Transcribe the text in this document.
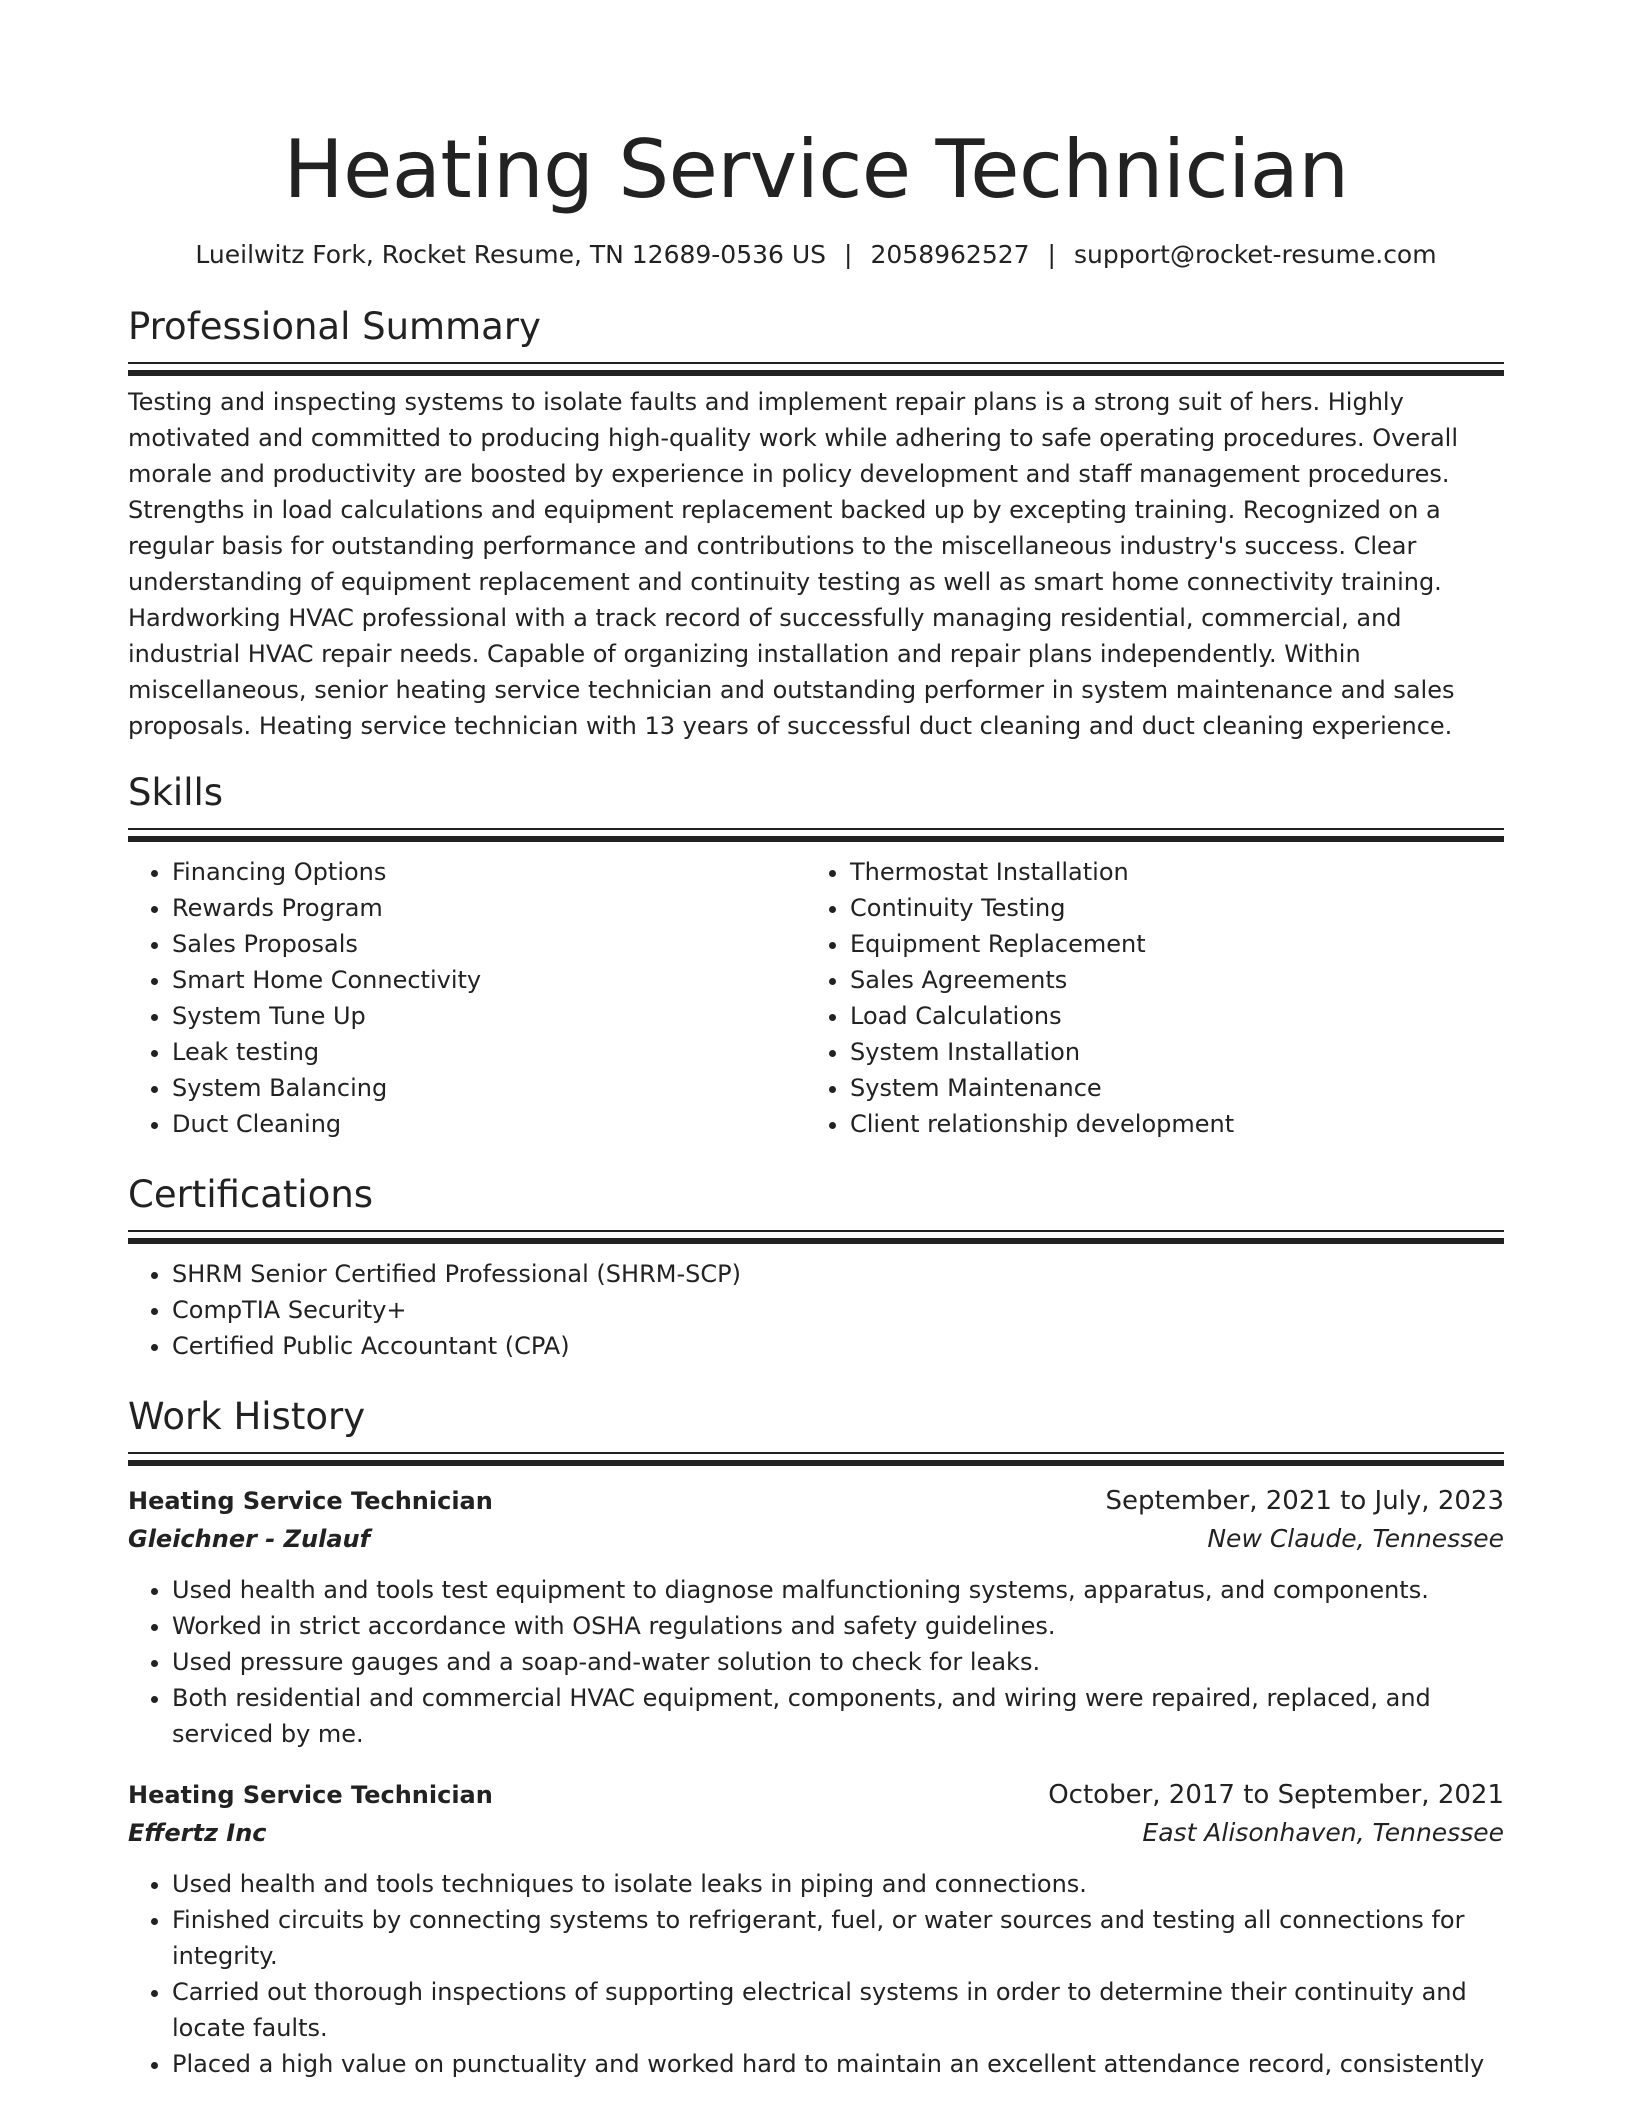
Heating Service Technician
Lueilwitz Fork, Rocket Resume, TN 12689-0536 US | 2058962527 | support@rocket-resume.com
Professional Summary

Testing and inspecting systems to isolate faults and implement repair plans is a strong suit of hers. Highly motivated and committed to producing high-quality work while adhering to safe operating procedures. Overall morale and productivity are boosted by experience in policy development and staff management procedures. Strengths in load calculations and equipment replacement backed up by excepting training. Recognized on a regular basis for outstanding performance and contributions to the miscellaneous industry's success. Clear understanding of equipment replacement and continuity testing as well as smart home connectivity training. Hardworking HVAC professional with a track record of successfully managing residential, commercial, and industrial HVAC repair needs. Capable of organizing installation and repair plans independently. Within miscellaneous, senior heating service technician and outstanding performer in system maintenance and sales proposals. Heating service technician with 13 years of successful duct cleaning and duct cleaning experience.

Skills
• Financing Options
• Rewards Program
• Sales Proposals
• Smart Home Connectivity
• System Tune Up
• Leak testing
• System Balancing
• Duct Cleaning
• Thermostat Installation
• Continuity Testing
• Equipment Replacement
• Sales Agreements
• Load Calculations
• System Installation
• System Maintenance
• Client relationship development
Certifications
• SHRM Senior Certified Professional (SHRM-SCP)
• CompTIA Security+
• Certified Public Accountant (CPA)
Work History
Heating Service Technician	September, 2021 to July, 2023
Gleichner - Zulauf	New Claude, Tennessee
• Used health and tools test equipment to diagnose malfunctioning systems, apparatus, and components.
• Worked in strict accordance with OSHA regulations and safety guidelines.
• Used pressure gauges and a soap-and-water solution to check for leaks.
• Both residential and commercial HVAC equipment, components, and wiring were repaired, replaced, and serviced by me.
Heating Service Technician	October, 2017 to September, 2021
Effertz Inc	East Alisonhaven, Tennessee
• Used health and tools techniques to isolate leaks in piping and connections.
• Finished circuits by connecting systems to refrigerant, fuel, or water sources and testing all connections for integrity.
• Carried out thorough inspections of supporting electrical systems in order to determine their continuity and locate faults.
• Placed a high value on punctuality and worked hard to maintain an excellent attendance record, consistently
